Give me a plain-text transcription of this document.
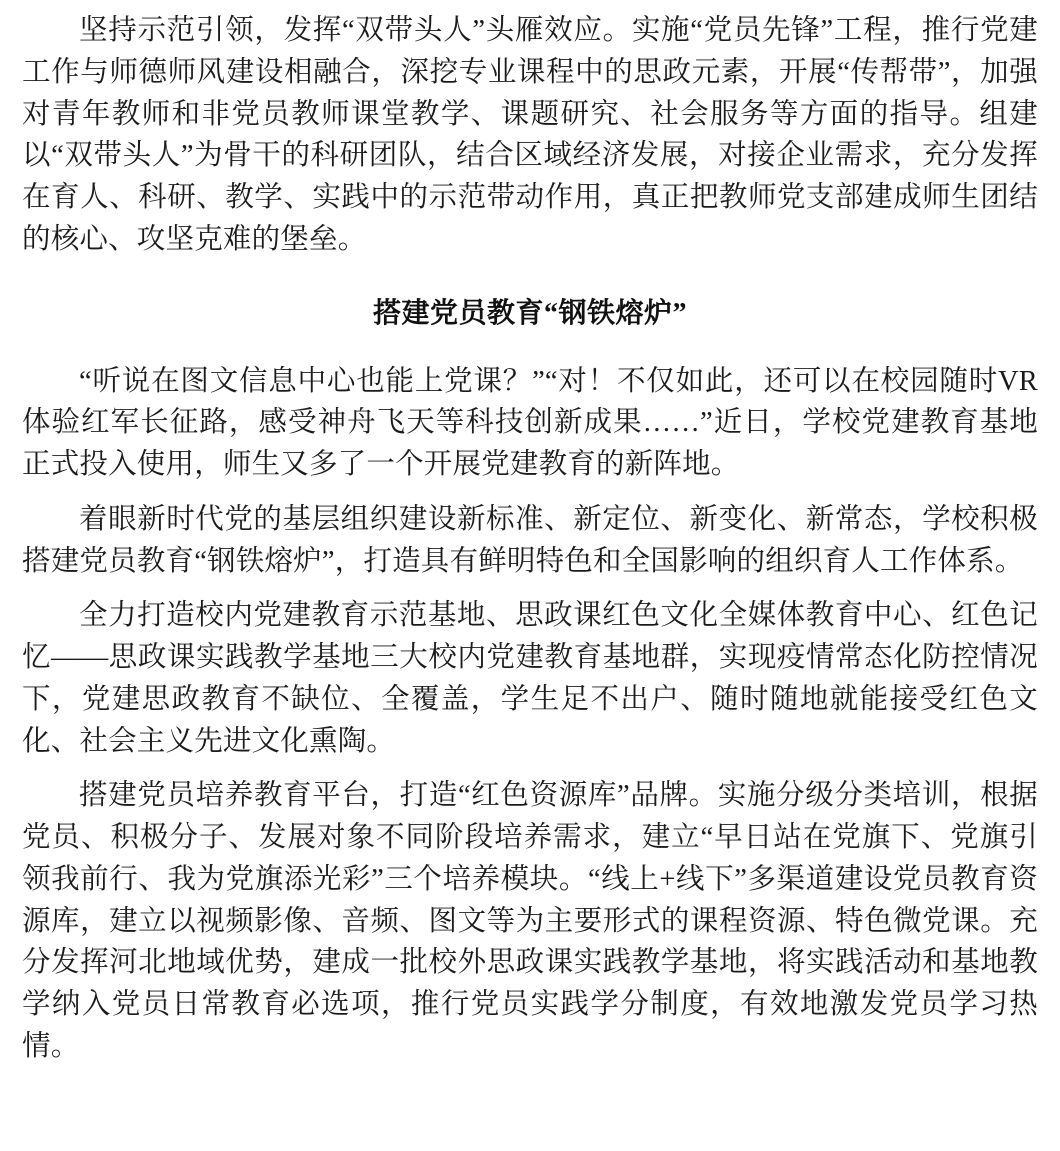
坚持示范引领，发挥“双带头人”头雁效应。实施“党员先锋”工程，推行党建工作与师德师风建设相融合，深挖专业课程中的思政元素，开展“传帮带”，加强对青年教师和非党员教师课堂教学、课题研究、社会服务等方面的指导。组建以“双带头人”为骨干的科研团队，结合区域经济发展，对接企业需求，充分发挥在育人、科研、教学、实践中的示范带动作用，真正把教师党支部建成师生团结的核心、攻坚克难的堡垒。

搭建党员教育“钢铁熔炉”

“听说在图文信息中心也能上党课？”“对！不仅如此，还可以在校园随时VR体验红军长征路，感受神舟飞天等科技创新成果……”近日，学校党建教育基地正式投入使用，师生又多了一个开展党建教育的新阵地。

着眼新时代党的基层组织建设新标准、新定位、新变化、新常态，学校积极搭建党员教育“钢铁熔炉”，打造具有鲜明特色和全国影响的组织育人工作体系。

全力打造校内党建教育示范基地、思政课红色文化全媒体教育中心、红色记忆——思政课实践教学基地三大校内党建教育基地群，实现疫情常态化防控情况下，党建思政教育不缺位、全覆盖，学生足不出户、随时随地就能接受红色文化、社会主义先进文化熏陶。

搭建党员培养教育平台，打造“红色资源库”品牌。实施分级分类培训，根据党员、积极分子、发展对象不同阶段培养需求，建立“早日站在党旗下、党旗引领我前行、我为党旗添光彩”三个培养模块。“线上+线下”多渠道建设党员教育资源库，建立以视频影像、音频、图文等为主要形式的课程资源、特色微党课。充分发挥河北地域优势，建成一批校外思政课实践教学基地，将实践活动和基地教学纳入党员日常教育必选项，推行党员实践学分制度，有效地激发党员学习热情。
